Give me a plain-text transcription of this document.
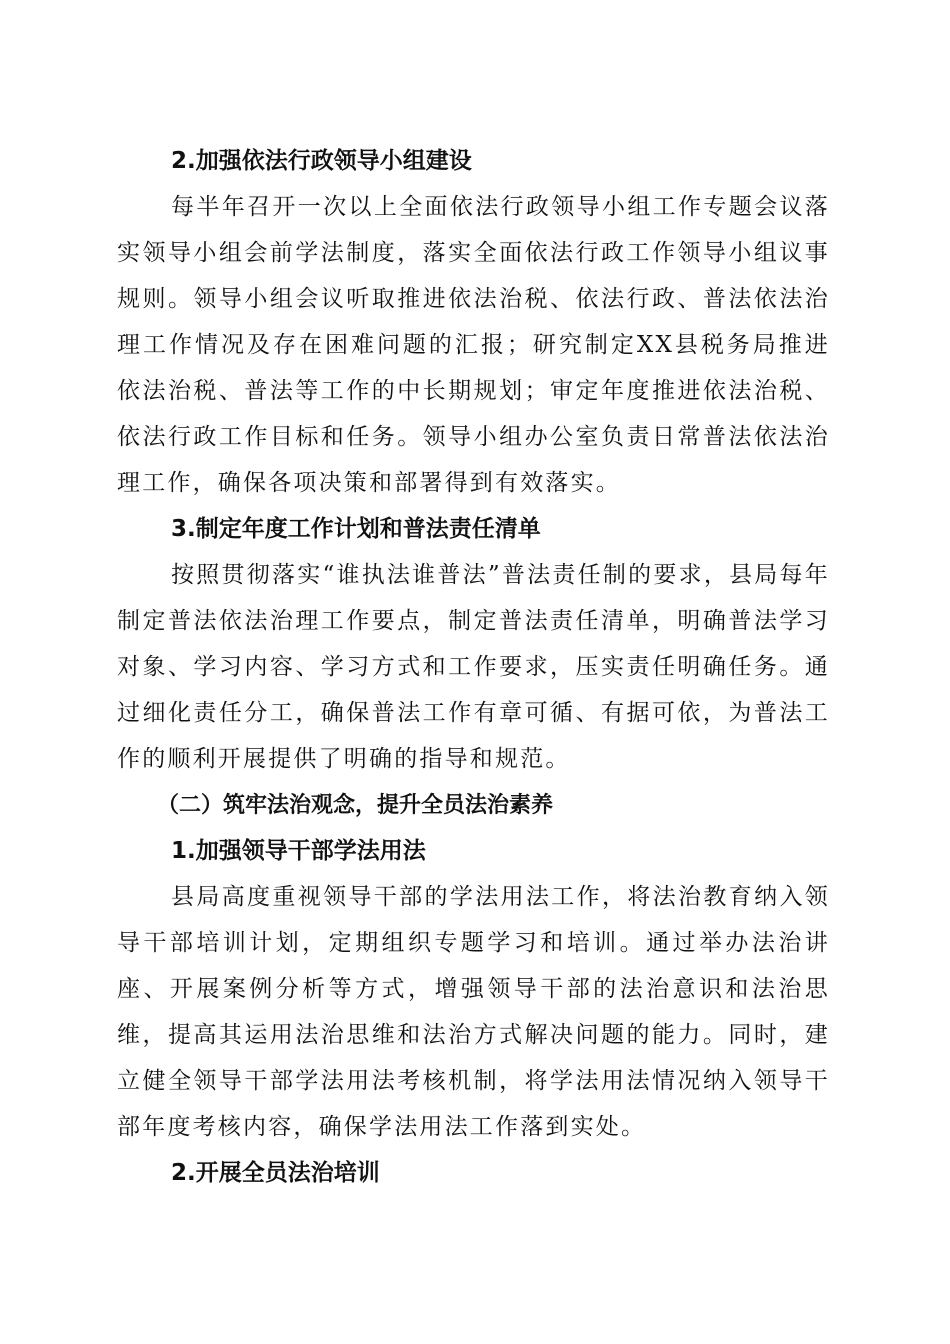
2.加强依法行政领导小组建设

每半年召开一次以上全面依法行政领导小组工作专题会议落实领导小组会前学法制度，落实全面依法行政工作领导小组议事规则。领导小组会议听取推进依法治税、依法行政、普法依法治理工作情况及存在困难问题的汇报；研究制定XX县税务局推进依法治税、普法等工作的中长期规划；审定年度推进依法治税、依法行政工作目标和任务。领导小组办公室负责日常普法依法治理工作，确保各项决策和部署得到有效落实。

3.制定年度工作计划和普法责任清单

按照贯彻落实“谁执法谁普法”普法责任制的要求，县局每年制定普法依法治理工作要点，制定普法责任清单，明确普法学习对象、学习内容、学习方式和工作要求，压实责任明确任务。通过细化责任分工，确保普法工作有章可循、有据可依，为普法工作的顺利开展提供了明确的指导和规范。

（二）筑牢法治观念，提升全员法治素养

1.加强领导干部学法用法

县局高度重视领导干部的学法用法工作，将法治教育纳入领导干部培训计划，定期组织专题学习和培训。通过举办法治讲座、开展案例分析等方式，增强领导干部的法治意识和法治思维，提高其运用法治思维和法治方式解决问题的能力。同时，建立健全领导干部学法用法考核机制，将学法用法情况纳入领导干部年度考核内容，确保学法用法工作落到实处。

2.开展全员法治培训
